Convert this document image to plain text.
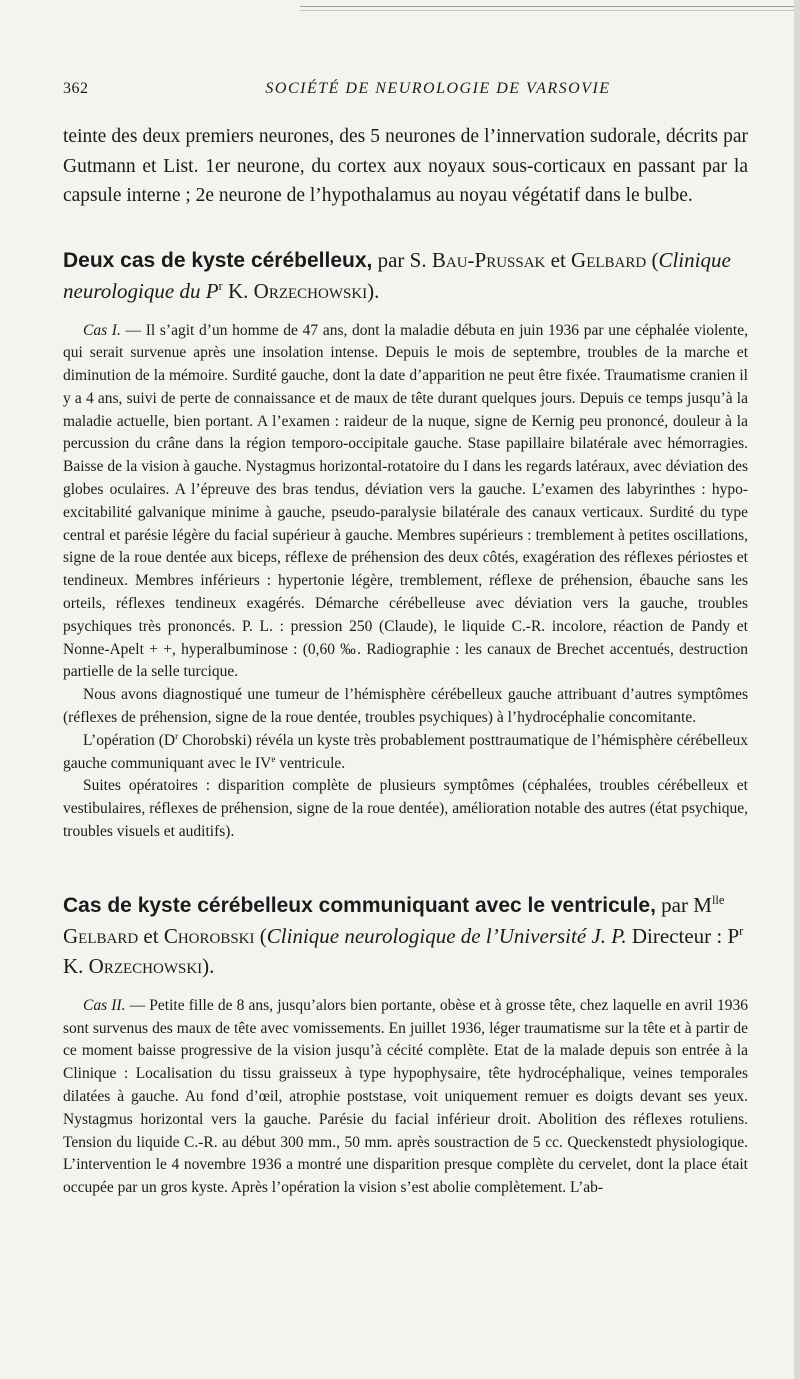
362	SOCIÉTÉ DE NEUROLOGIE DE VARSOVIE

teinte des deux premiers neurones, des 5 neurones de l’innervation sudorale, décrits par Gutmann et List. 1er neurone, du cortex aux noyaux sous-corticaux en passant par la capsule interne ; 2e neurone de l’hypothalamus au noyau végétatif dans le bulbe.

Deux cas de kyste cérébelleux, par S. Bau-Prussak et Gelbard (Clinique neurologique du $P^r$ K. Orzechowski).

Cas I. — Il s’agit d’un homme de 47 ans, dont la maladie débuta en juin 1936 par une céphalée violente, qui serait survenue après une insolation intense. Depuis le mois de septembre, troubles de la marche et diminution de la mémoire. Surdité gauche, dont la date d’apparition ne peut être fixée. Traumatisme cranien il y a 4 ans, suivi de perte de connaissance et de maux de tête durant quelques jours. Depuis ce temps jusqu’à la maladie actuelle, bien portant. A l’examen : raideur de la nuque, signe de Kernig peu prononcé, douleur à la percussion du crâne dans la région temporo-occipitale gauche. Stase papillaire bilatérale avec hémorragies. Baisse de la vision à gauche. Nystagmus horizontal-rotatoire du I dans les regards latéraux, avec déviation des globes oculaires. A l’épreuve des bras tendus, déviation vers la gauche. L’examen des labyrinthes : hypo-excitabilité galvanique minime à gauche, pseudo-paralysie bilatérale des canaux verticaux. Surdité du type central et parésie légère du facial supérieur à gauche. Membres supérieurs : tremblement à petites oscillations, signe de la roue dentée aux biceps, réflexe de préhension des deux côtés, exagération des réflexes périostes et tendineux. Membres inférieurs : hypertonie légère, tremblement, réflexe de préhension, ébauche sans les orteils, réflexes tendineux exagérés. Démarche cérébelleuse avec déviation vers la gauche, troubles psychiques très prononcés. P. L. : pression 250 (Claude), le liquide C.-R. incolore, réaction de Pandy et Nonne-Apelt + +, hyperalbuminose : (0,60 ‰. Radiographie : les canaux de Brechet accentués, destruction partielle de la selle turcique.

Nous avons diagnostiqué une tumeur de l’hémisphère cérébelleux gauche attribuant d’autres symptômes (réflexes de préhension, signe de la roue dentée, troubles psychiques) à l’hydrocéphalie concomitante.

L’opération ($D^r$ Chorobski) révéla un kyste très probablement posttraumatique de l’hémisphère cérébelleux gauche communiquant avec le IVe ventricule.

Suites opératoires : disparition complète de plusieurs symptômes (céphalées, troubles cérébelleux et vestibulaires, réflexes de préhension, signe de la roue dentée), amélioration notable des autres (état psychique, troubles visuels et auditifs).

Cas de kyste cérébelleux communiquant avec le ventricule, par $M^{lle}$ Gelbard et Chorobski (Clinique neurologique de l’Université J. P. Directeur : $P^r$ K. Orzechowski).

Cas II. — Petite fille de 8 ans, jusqu’alors bien portante, obèse et à grosse tête, chez laquelle en avril 1936 sont survenus des maux de tête avec vomissements. En juillet 1936, léger traumatisme sur la tête et à partir de ce moment baisse progressive de la vision jusqu’à cécité complète. Etat de la malade depuis son entrée à la Clinique : Localisation du tissu graisseux à type hypophysaire, tête hydrocéphalique, veines temporales dilatées à gauche. Au fond d’œil, atrophie poststase, voit uniquement remuer es doigts devant ses yeux. Nystagmus horizontal vers la gauche. Parésie du facial inférieur droit. Abolition des réflexes rotuliens. Tension du liquide C.-R. au début 300 mm., 50 mm. après soustraction de 5 cc. Queckenstedt physiologique. L’intervention le 4 novembre 1936 a montré une disparition presque complète du cervelet, dont la place était occupée par un gros kyste. Après l’opération la vision s’est abolie complètement. L’ab-
